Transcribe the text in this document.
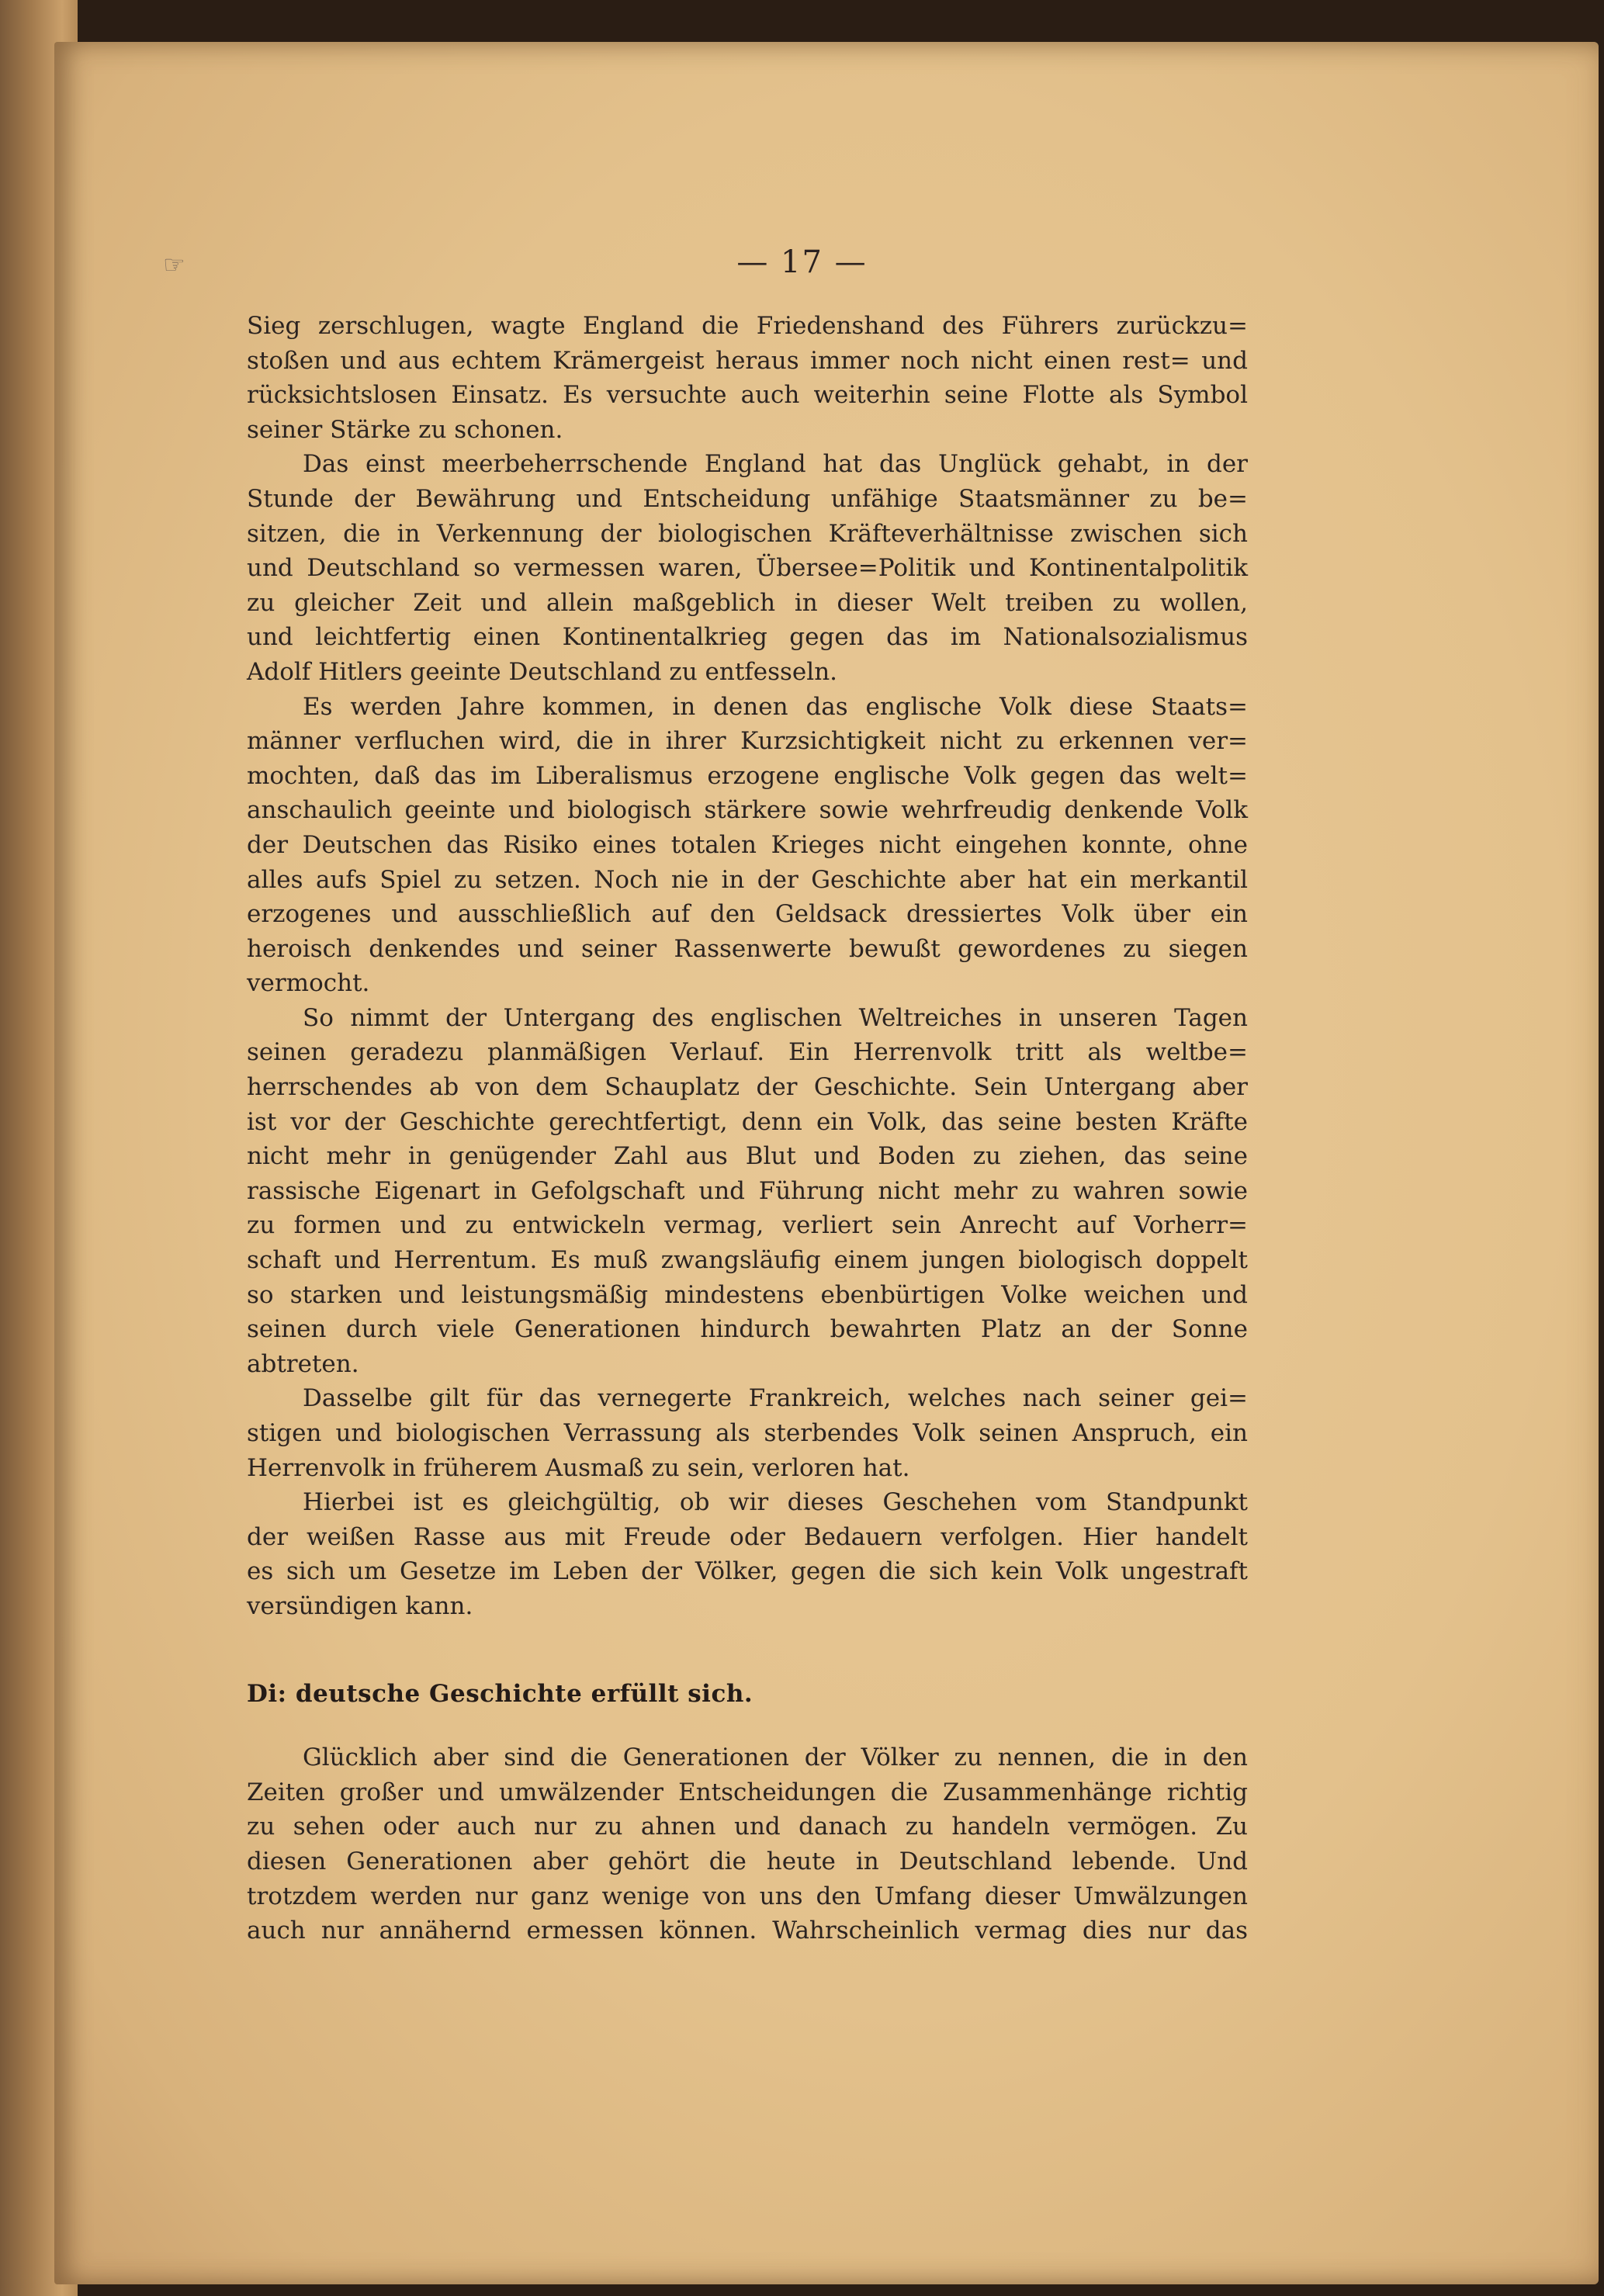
☞	— 17 —
Sieg zerschlugen, wagte England die Friedenshand des Führers zurückzu=
stoßen und aus echtem Krämergeist heraus immer noch nicht einen rest= und
rücksichtslosen Einsatz. Es versuchte auch weiterhin seine Flotte als Symbol
seiner Stärke zu schonen.
Das einst meerbeherrschende England hat das Unglück gehabt, in der
Stunde der Bewährung und Entscheidung unfähige Staatsmänner zu be=
sitzen, die in Verkennung der biologischen Kräfteverhältnisse zwischen sich
und Deutschland so vermessen waren, Übersee=Politik und Kontinentalpolitik
zu gleicher Zeit und allein maßgeblich in dieser Welt treiben zu wollen,
und leichtfertig einen Kontinentalkrieg gegen das im Nationalsozialismus
Adolf Hitlers geeinte Deutschland zu entfesseln.
Es werden Jahre kommen, in denen das englische Volk diese Staats=
männer verfluchen wird, die in ihrer Kurzsichtigkeit nicht zu erkennen ver=
mochten, daß das im Liberalismus erzogene englische Volk gegen das welt=
anschaulich geeinte und biologisch stärkere sowie wehrfreudig denkende Volk
der Deutschen das Risiko eines totalen Krieges nicht eingehen konnte, ohne
alles aufs Spiel zu setzen. Noch nie in der Geschichte aber hat ein merkantil
erzogenes und ausschließlich auf den Geldsack dressiertes Volk über ein
heroisch denkendes und seiner Rassenwerte bewußt gewordenes zu siegen
vermocht.
So nimmt der Untergang des englischen Weltreiches in unseren Tagen
seinen geradezu planmäßigen Verlauf. Ein Herrenvolk tritt als weltbe=
herrschendes ab von dem Schauplatz der Geschichte. Sein Untergang aber
ist vor der Geschichte gerechtfertigt, denn ein Volk, das seine besten Kräfte
nicht mehr in genügender Zahl aus Blut und Boden zu ziehen, das seine
rassische Eigenart in Gefolgschaft und Führung nicht mehr zu wahren sowie
zu formen und zu entwickeln vermag, verliert sein Anrecht auf Vorherr=
schaft und Herrentum. Es muß zwangsläufig einem jungen biologisch doppelt
so starken und leistungsmäßig mindestens ebenbürtigen Volke weichen und
seinen durch viele Generationen hindurch bewahrten Platz an der Sonne
abtreten.
Dasselbe gilt für das vernegerte Frankreich, welches nach seiner gei=
stigen und biologischen Verrassung als sterbendes Volk seinen Anspruch, ein
Herrenvolk in früherem Ausmaß zu sein, verloren hat.
Hierbei ist es gleichgültig, ob wir dieses Geschehen vom Standpunkt
der weißen Rasse aus mit Freude oder Bedauern verfolgen. Hier handelt
es sich um Gesetze im Leben der Völker, gegen die sich kein Volk ungestraft
versündigen kann.
Di: deutsche Geschichte erfüllt sich.
Glücklich aber sind die Generationen der Völker zu nennen, die in den
Zeiten großer und umwälzender Entscheidungen die Zusammenhänge richtig
zu sehen oder auch nur zu ahnen und danach zu handeln vermögen. Zu
diesen Generationen aber gehört die heute in Deutschland lebende. Und
trotzdem werden nur ganz wenige von uns den Umfang dieser Umwälzungen
auch nur annähernd ermessen können. Wahrscheinlich vermag dies nur das
